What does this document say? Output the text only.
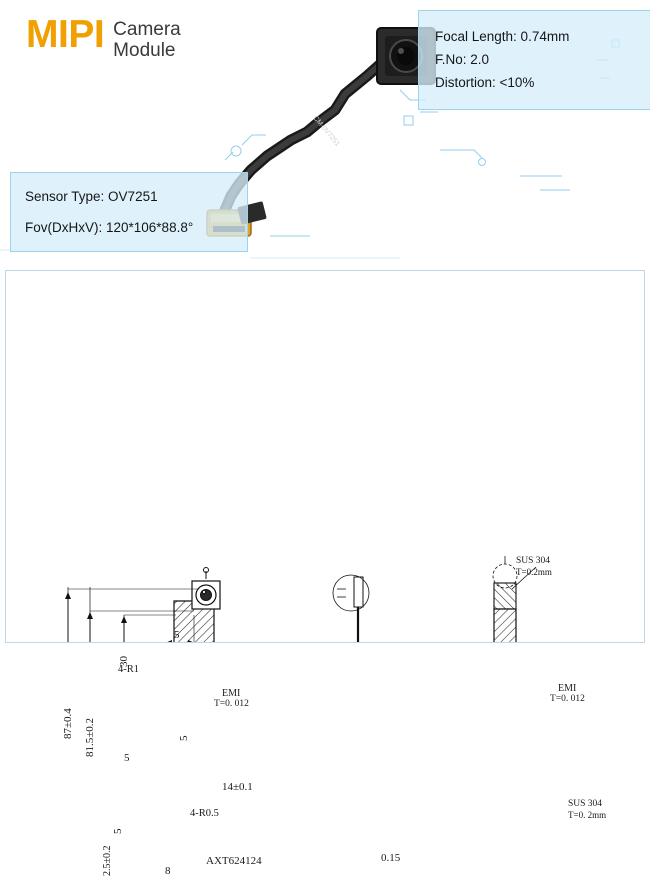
CM-0V7251
MIPI Camera
Module
Focal Length: 0.74mm
F.No: 2.0
Distortion: <10%
Sensor Type: OV7251
Fov(DxHxV): 120*106*88.8°
87±0.4 81.5±0.2
30
5
5
5
5
14±0.1
2.5±0.2	8
4-R1
4-R0.5
EMI
T=0. 012
AXT624124	0.15
SUS 304
T=0.2mm
EMI
T=0. 012
SUS 304
T=0. 2mm
